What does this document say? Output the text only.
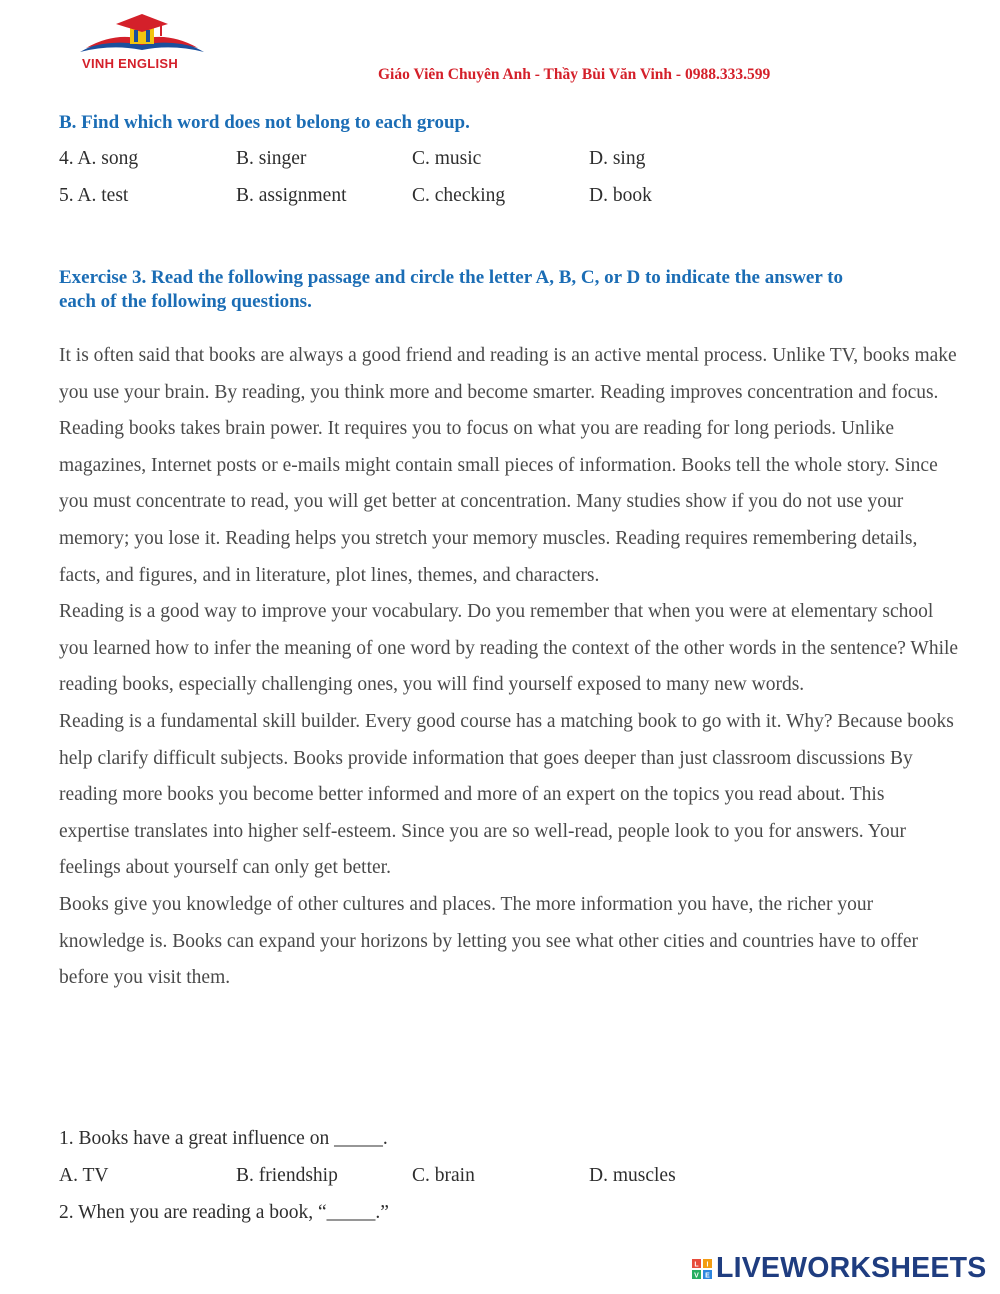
VINH ENGLISH
Giáo Viên Chuyên Anh - Thầy Bùi Văn Vinh - 0988.333.599
B. Find which word does not belong to each group.
4. A. song	B. singer	C. music	D. sing
5. A. test	B. assignment	C. checking	D. book
Exercise 3. Read the following passage and circle the letter A, B, C, or D to indicate the answer to
each of the following questions.

It is often said that books are always a good friend and reading is an active mental process. Unlike TV, books make you use your brain. By reading, you think more and become smarter. Reading improves concentration and focus. Reading books takes brain power. It requires you to focus on what you are reading for long periods. Unlike magazines, Internet posts or e-mails might contain small pieces of information. Books tell the whole story. Since you must concentrate to read, you will get better at concentration. Many studies show if you do not use your memory; you lose it. Reading helps you stretch your memory muscles. Reading requires remembering details, facts, and figures, and in literature, plot lines, themes, and characters.

Reading is a good way to improve your vocabulary. Do you remember that when you were at elementary school you learned how to infer the meaning of one word by reading the context of the other words in the sentence? While reading books, especially challenging ones, you will find yourself exposed to many new words.

Reading is a fundamental skill builder. Every good course has a matching book to go with it. Why? Because books help clarify difficult subjects. Books provide information that goes deeper than just classroom discussions By reading more books you become better informed and more of an expert on the topics you read about. This expertise translates into higher self-esteem. Since you are so well-read, people look to you for answers. Your feelings about yourself can only get better.

Books give you knowledge of other cultures and places. The more information you have, the richer your knowledge is. Books can expand your horizons by letting you see what other cities and countries have to offer before you visit them.

1. Books have a great influence on _____.
A. TV	B. friendship	C. brain	D. muscles
2. When you are reading a book, “_____.”
L I
V E LIVEWORKSHEETS
